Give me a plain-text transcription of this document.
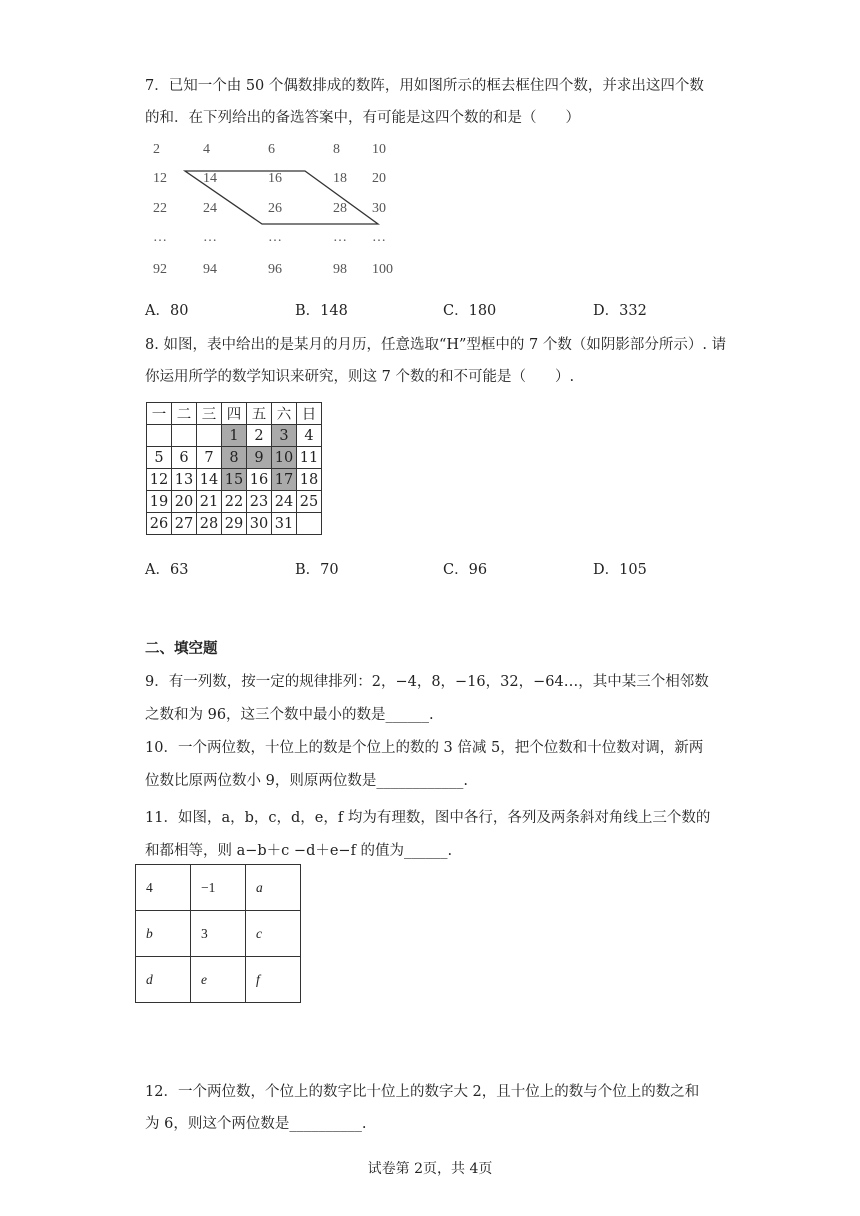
7．已知一个由 50 个偶数排成的数阵，用如图所示的框去框住四个数，并求出这四个数
的和．在下列给出的备选答案中，有可能是这四个数的和是（　　）
2	4	6	8 10
12	14	16	18 20
22	24	26	28 30
…	…	…	… …
92	94	96	98 100
A．80	B．148	C．180	D．332
8. 如图，表中给出的是某月的月历，任意选取“H”型框中的 7 个数（如阴影部分所示）. 请
你运用所学的数学知识来研究，则这 7 个数的和不可能是（　　）.
一	二	三	四	五	六	日
			1	2	3	4
5	6	7	8	9	10	11
12	13	14	15	16	17	18
19	20	21	22	23	24	25
26	27	28	29	30	31	
A．63	B．70	C．96	D．105
二、填空题
9．有一列数，按一定的规律排列：2，−4，8，−16，32，−64…，其中某三个相邻数
之数和为 96，这三个数中最小的数是______.
10．一个两位数，十位上的数是个位上的数的 3 倍减 5，把个位数和十位数对调，新两
位数比原两位数小 9，则原两位数是____________.
11．如图，a，b，c，d，e，f 均为有理数，图中各行，各列及两条斜对角线上三个数的
和都相等，则 a−b＋c −d＋e−f 的值为______.
4	−1	a
b	3	c
d	e	f
12．一个两位数，个位上的数字比十位上的数字大 2，且十位上的数与个位上的数之和
为 6，则这个两位数是__________.
试卷第 2页，共 4页
